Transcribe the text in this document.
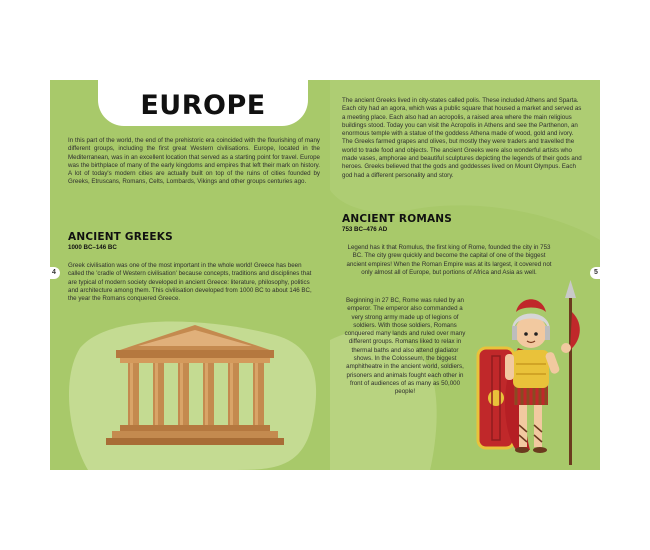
EUROPE

In this part of the world, the end of the prehistoric era coincided with the flourishing of many different groups, including the first great Western civilisations. Europe, located in the Mediterranean, was in an excellent location that served as a starting point for travel. Europe was the birthplace of many of the early kingdoms and empires that left their mark on history. A lot of today's modern cities are actually built on top of the ruins of cities founded by Greeks, Etruscans, Romans, Celts, Lombards, Vikings and other groups centuries ago.

ANCIENT GREEKS
1000 BC–146 BC

Greek civilisation was one of the most important in the whole world! Greece has been called the 'cradle of Western civilisation' because concepts, traditions and disciplines that are typical of modern society developed in ancient Greece: literature, philosophy, politics and architecture among them. This civilisation developed from 1000 BC to about 146 BC, the year the Romans conquered Greece.

The ancient Greeks lived in city-states called polis. These included Athens and Sparta. Each city had an agora, which was a public square that housed a market and served as a meeting place. Each also had an acropolis, a raised area where the main religious buildings stood. Today you can visit the Acropolis in Athens and see the Parthenon, an enormous temple with a statue of the goddess Athena made of wood, gold and ivory. The Greeks farmed grapes and olives, but mostly they were traders and travelled the world to trade food and objects. The ancient Greeks were also wonderful artists who made vases, amphorae and beautiful sculptures depicting the legends of their gods and heroes. Greeks believed that the gods and goddesses lived on Mount Olympus. Each god had a different personality and story.

ANCIENT ROMANS
753 BC–476 AD

Legend has it that Romulus, the first king of Rome, founded the city in 753 BC. The city grew quickly and become the capital of one of the biggest ancient empires! When the Roman Empire was at its largest, it covered not only almost all of Europe, but portions of Africa and Asia as well.

Beginning in 27 BC, Rome was ruled by an emperor. The emperor also commanded a very strong army made up of legions of soldiers. With those soldiers, Romans conquered many lands and ruled over many different groups. Romans liked to relax in thermal baths and also attend gladiator shows. In the Colosseum, the biggest amphitheatre in the ancient world, soldiers, prisoners and animals fought each other in front of audiences of as many as 50,000 people!

4	5
